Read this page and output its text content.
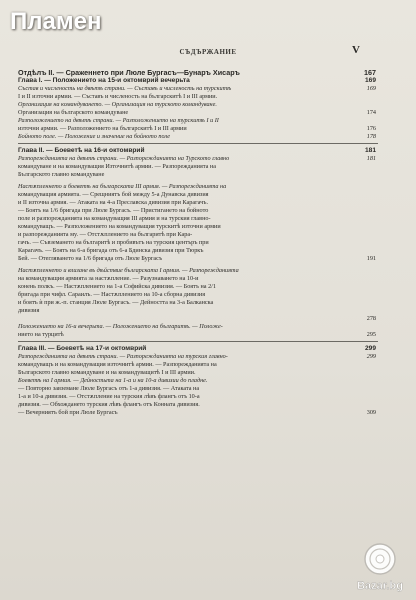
Пламен
СЪДЪРЖАНИЕ	V
Отдѣлъ II. — Сраженнето при Люле Бургасъ—Бунаръ Хисаръ	167
Глава I. — Положението на 15-и октомврий вечерьта	169
Състав и численость на двѣтѣ страни. — Съставъ и численость на турскитѣ	169
I и II източни армии. — Съставъ и численость на българскитѣ I и III армии.
Организация на командуването. — Организация на турското командуване.
Организация на българското командуване	174
Разположението на двѣтѣ страни. — Разположението на турскитѣ I и II
източни армии. — Разположението на българскитѣ I и III армии	176
Бойното поле. — Положение и значение на бойното поле	178
Глава II. — Боеветѣ на 16-и октомврий	181
Разпорежданията на двѣтѣ страни. — Разпорежданията на Турското главно	181
командуване и на командуващия Източнитѣ армии. — Разпорежданията на
Българското главно командуване
Настѫпленнето и боеветѣ на българската III армия. — Разпорежданията на
командуващия армията. — Срещниятъ бой между 5-а Дунавска дивизия
и II източна армия. — Атаката на 4-а Преславска дивизия при Карагачъ.
— Боятъ на 1/6 бригада при Люле Бургасъ. — Пристигането на бойното
поле и разпорежданията на командуващия III армия и на турския главно-
командуващъ. — Разположението на командуващия турскитѣ източни армии
и разпорежданията му. — Отстѫплението на българитѣ при Кара-
гачъ. — Съвземането на българитѣ и пробивътъ на турския центъръ при
Карагачъ. — Боятъ на 6-а бригада отъ 6-а Бдинска дивизия при Тюркъ
Бей. — Отегляването на 1/6 бригада отъ Люле Бургасъ	191
Настѫпленнето и влизане въ дѣйствие българската I армия. — Разпорежданията
на командуващия армията за настѫпление. — Разузнаването на 10-и
конень полкъ. — Настѫплението на 1-а Софийска дивизия. — Боятъ на 2/1
бригада при чифл. Сараилъ. — Настѫплението на 10-а сборна дивизия
и боятъ ѝ при ж.-п. станция Люле Бургасъ. — Дейността на 3-а Балканска
дивизия
278
Положението на 16-и вечерьта. — Положението на българитѣ. — Положе-
нието на турцитѣ	295
Глава III. — Боеветѣ на 17-и октомврий	299
Разпорежданията на двѣтѣ страни. — Разпорежданията на турския главно-	299
командуващъ и на командуващия източнитѣ армии. — Разпорежданията на
Българското главно командуване и на командуващитѣ I и III армии.
Боеветѣ на I армия. — Дейностьта на 1-а и на 10-а дивизии до пладне.
— Повторно завземане Люле Бургасъ отъ 1-а дивизия. — Атаката на
1-а и 10-а дивизия. — Отстѫпление на турския лѣвъ флангъ отъ 10-а
дивизия. — Обхождането турския лѣвъ флангъ отъ Конната дивизия.
— Вечерниятъ бой при Люле Бургасъ	309
Bazar.bg
